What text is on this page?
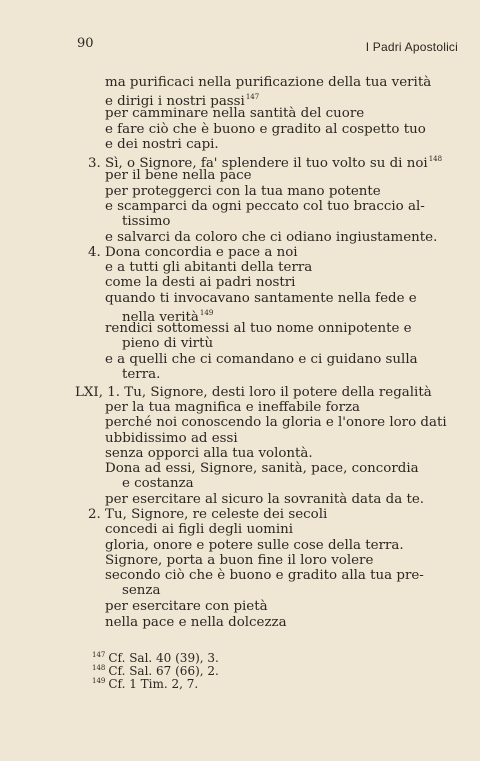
90	I Padri Apostolici
ma purificaci nella purificazione della tua verità
e dirigi i nostri passi$^{147}$
per camminare nella santità del cuore
e fare ciò che è buono e gradito al cospetto tuo
e dei nostri capi.
3. Sì, o Signore, fa' splendere il tuo volto su di noi$^{148}$
per il bene nella pace
per proteggerci con la tua mano potente
e scamparci da ogni peccato col tuo braccio al-
tissimo
e salvarci da coloro che ci odiano ingiustamente.
4. Dona concordia e pace a noi
e a tutti gli abitanti della terra
come la desti ai padri nostri
quando ti invocavano santamente nella fede e
nella verità$^{149}$
rendici sottomessi al tuo nome onnipotente e
pieno di virtù
e a quelli che ci comandano e ci guidano sulla
terra.
LXI, 1. Tu, Signore, desti loro il potere della regalità
per la tua magnifica e ineffabile forza
perché noi conoscendo la gloria e l'onore loro dati
ubbidissimo ad essi
senza opporci alla tua volontà.
Dona ad essi, Signore, sanità, pace, concordia
e costanza
per esercitare al sicuro la sovranità data da te.
2. Tu, Signore, re celeste dei secoli
concedi ai figli degli uomini
gloria, onore e potere sulle cose della terra.
Signore, porta a buon fine il loro volere
secondo ciò che è buono e gradito alla tua pre-
senza
per esercitare con pietà
nella pace e nella dolcezza
$^{147}$ Cf. Sal. 40 (39), 3.
$^{148}$ Cf. Sal. 67 (66), 2.
$^{149}$ Cf. 1 Tim. 2, 7.
